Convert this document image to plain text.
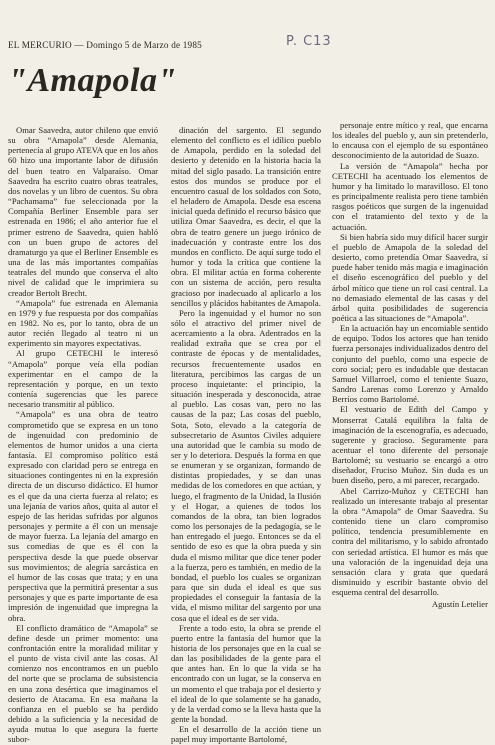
EL MERCURIO — Domingo 5 de Marzo de 1985	P. C13
"Amapola"

Omar Saavedra, autor chileno que envió su obra “Amapola” desde Alemania, pertenecía al grupo ATEVA que en los años 60 hizo una importante labor de difusión del buen teatro en Valparaíso. Omar Saavedra ha escrito cuatro obras teatrales, dos novelas y un libro de cuentos. Su obra “Pachamama” fue seleccionada por la Compañía Berliner Ensemble para ser estrenada en 1986; el año anterior fue el primer estreno de Saavedra, quien habló con un buen grupo de actores del dramaturgo ya que el Berliner Ensemble es una de las más importantes compañías teatrales del mundo que conserva el alto nivel de calidad que le imprimiera su creador Bertolt Brecht.

“Amapola” fue estrenada en Alemania en 1979 y fue respuesta por dos compañías en 1982. No es, por lo tanto, obra de un autor recién llegado al teatro ni un experimento sin mayores expectativas.

Al grupo CETECHI le interesó “Amapola” porque veía ella podían experimentar en el campo de la representación y porque, en un texto contenía sugerencias que les parece necesario transmitir al público.

“Amapola” es una obra de teatro comprometido que se expresa en un tono de ingenuidad con predominio de elementos de humor unidos a una cierta fantasía. El compromiso político está expresado con claridad pero se entrega en situaciones contingentes ni en la expresión directa de un discurso didáctico. El humor es el que da una cierta fuerza al relato; es una lejanía de varios años, quita al autor el espejo de las heridas sufridas por algunos personajes y permite a él con un mensaje de mayor fuerza. La lejanía del amargo en sus comedias de que es él con la perspectiva desde la que puede observar sus movimientos; de alegría sarcástica en el humor de las cosas que trata; y en una perspectiva que la permitirá presentar a sus personajes y que es parte importante de esa impresión de ingenuidad que impregna la obra.

El conflicto dramático de “Amapola” se define desde un primer momento: una confrontación entre la moralidad militar y el punto de vista civil ante las cosas. Al comienzo nos encontramos en un pueblo del norte que se proclama de subsistencia en una zona desértica que imaginamos el desierto de Atacama. En esa mañana la confianza en el pueblo se ha perdido debido a la suficiencia y la necesidad de ayuda mutua lo que asegura la fuerte subor-

dinación del sargento. El segundo elemento del conflicto es el idílico pueblo de Amapola, perdido en la soledad del desierto y detenido en la historia hacia la mitad del siglo pasado. La transición entre estos dos mundos se produce por el encuentro casual de los soldados con Soto, el heladero de Amapola. Desde esa escena inicial queda definido el recurso básico que utiliza Omar Saavedra, es decir, el que la obra de teatro genere un juego irónico de inadecuación y contraste entre los dos mundos en conflicto. De aquí surge todo el humor y toda la crítica que contiene la obra. El militar actúa en forma coherente con un sistema de acción, pero resulta gracioso por inadecuado al aplicarlo a los sencillos y plácidos habitantes de Amapola.

Pero la ingenuidad y el humor no son sólo el atractivo del primer nivel de acercamiento a la obra. Adentrados en la realidad extraña que se crea por el contraste de épocas y de mentalidades, recursos frecuentemente usados en literatura, percibimos las cargas de un proceso inquietante: el principio, la situación inesperada y desconocida, atrae al pueblo. Las cosas van, pero no las causas de la paz; Las cosas del pueblo, Sota, Soto, elevado a la categoría de subsecretario de Asuntos Civiles adquiere una autoridad que le cambia su modo de ser y lo deteriora. Después la forma en que se enumeran y se organizan, formando de distintas propiedades, y se dan unas medidas de los comedores en que actúan, y luego, el fragmento de la Unidad, la Ilusión y el Hogar, a quienes de todos los comandos de la obra, tan bien logrados como los personajes de la pedagogía, se le han entregado el juego. Entonces se da el sentido de eso es que la obra pueda y sin duda el mismo militar que dice tener poder a la fuerza, pero es también, en medio de la bondad, el pueblo los cuales se organizan para que sin duda el ideal es que sus propiedades el conseguir la fantasía de la vida, el mismo militar del sargento por una cosa que el ideal es de ser vida.

Frente a todo esto, la obra se prende el puerto entre la fantasía del humor que la historia de los personajes que en la cual se dan las posibilidades de la gente para el que antes han. En lo que la vida se ha encontrado con un lugar, se la conserva en un momento el que trabaja por el desierto y el ideal de lo que solamente se ha ganado, y de la verdad como se la lleva hasta que la gente la bondad.

En el desarrollo de la acción tiene un papel muy importante Bartolomé,

personaje entre mítico y real, que encarna los ideales del pueblo y, aun sin pretenderlo, lo encausa con el ejemplo de su espontáneo desconocimiento de la autoridad de Suazo.

La versión de “Amapola” hecha por CETECHI ha acentuado los elementos de humor y ha limitado lo maravilloso. El tono es principalmente realista pero tiene también rasgos poéticos que surgen de la ingenuidad con el tratamiento del texto y de la actuación.

Si bien habría sido muy difícil hacer surgir el pueblo de Amapola de la soledad del desierto, como pretendía Omar Saavedra, sí puede haber tenido más magia e imaginación el diseño escenográfico del pueblo y del árbol mítico que tiene un rol casi central. La no demasiado elemental de las casas y del árbol quita posibilidades de sugerencia poética a las situaciones de “Amapola”.

En la actuación hay un encomiable sentido de equipo. Todos los actores que han tenido fuerza personajes individualizados dentro del conjunto del pueblo, como una especie de coro social; pero es indudable que destacan Samuel Villarroel, como el teniente Suazo, Sandro Larenas como Lorenzo y Arnaldo Berríos como Bartolomé.

El vestuario de Edith del Campo y Monserrat Catalá equilibra la falta de imaginación de la escenografía, es adecuado, sugerente y gracioso. Seguramente para acentuar el tono diferente del personaje Bartolomé; su vestuario se encargó a otro diseñador, Fruciso Muñoz. Sin duda es un buen diseño, pero, a mi parecer, recargado.

Abel Carrizo-Muñoz y CETECHI han realizado un interesante trabajo al presentar la obra “Amapola” de Omar Saavedra. Su contenido tiene un claro compromiso político, tendencia presumiblemente en contra del militarismo, y lo sabido afrontado con seriedad artística. El humor es más que una valoración de la ingenuidad deja una sensación clara y grata que quedará disminuido y escribir bastante obvio del esquema central del desarrollo.

Agustín Letelier
